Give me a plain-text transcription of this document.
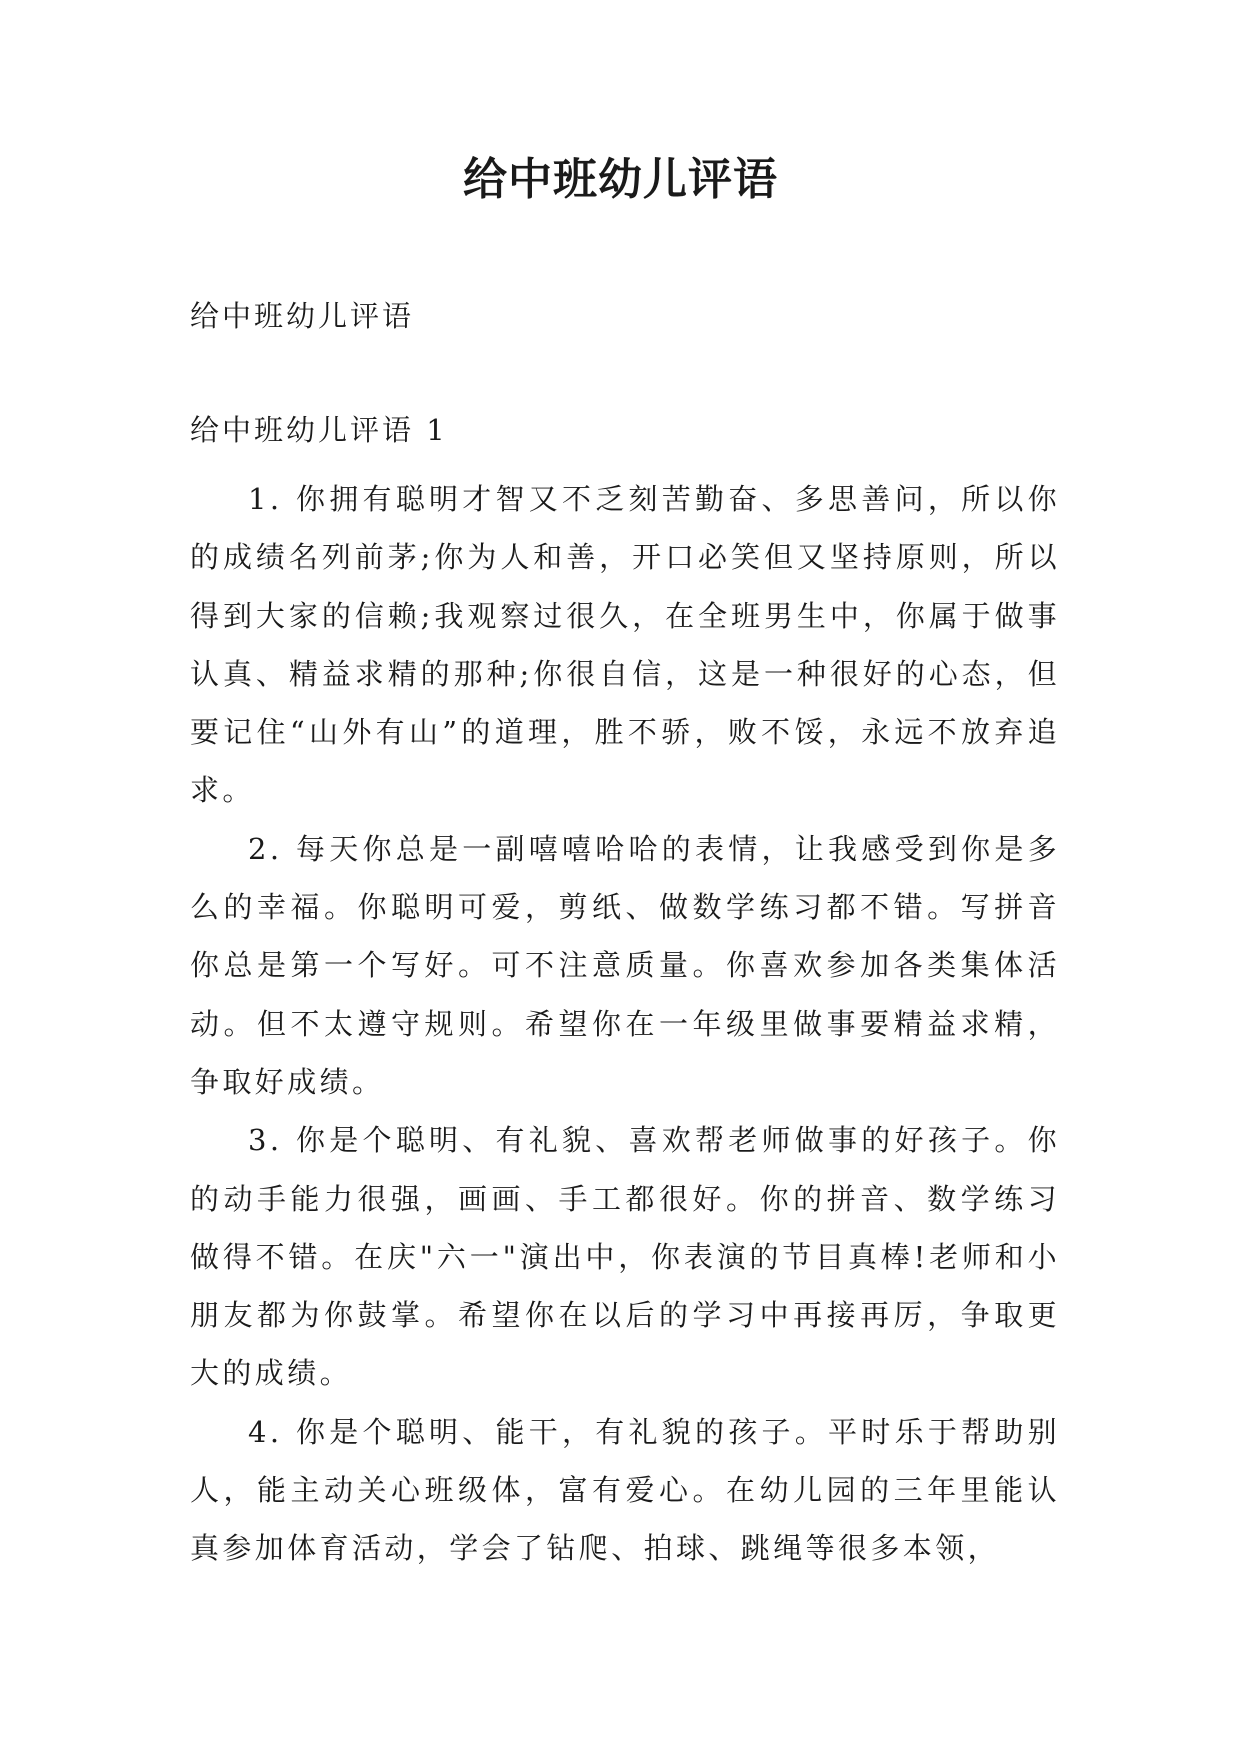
给中班幼儿评语

给中班幼儿评语

给中班幼儿评语 1

1. 你拥有聪明才智又不乏刻苦勤奋、多思善问，所以你的成绩名列前茅;你为人和善，开口必笑但又坚持原则，所以得到大家的信赖;我观察过很久，在全班男生中，你属于做事认真、精益求精的那种;你很自信，这是一种很好的心态，但要记住“山外有山”的道理，胜不骄，败不馁，永远不放弃追求。

2. 每天你总是一副嘻嘻哈哈的表情，让我感受到你是多么的幸福。你聪明可爱，剪纸、做数学练习都不错。写拼音你总是第一个写好。可不注意质量。你喜欢参加各类集体活动。但不太遵守规则。希望你在一年级里做事要精益求精，争取好成绩。

3. 你是个聪明、有礼貌、喜欢帮老师做事的好孩子。你的动手能力很强，画画、手工都很好。你的拼音、数学练习做得不错。在庆"六一"演出中，你表演的节目真棒!老师和小朋友都为你鼓掌。希望你在以后的学习中再接再厉，争取更大的成绩。

4. 你是个聪明、能干，有礼貌的孩子。平时乐于帮助别人，能主动关心班级体，富有爱心。在幼儿园的三年里能认真参加体育活动，学会了钻爬、拍球、跳绳等很多本领，
